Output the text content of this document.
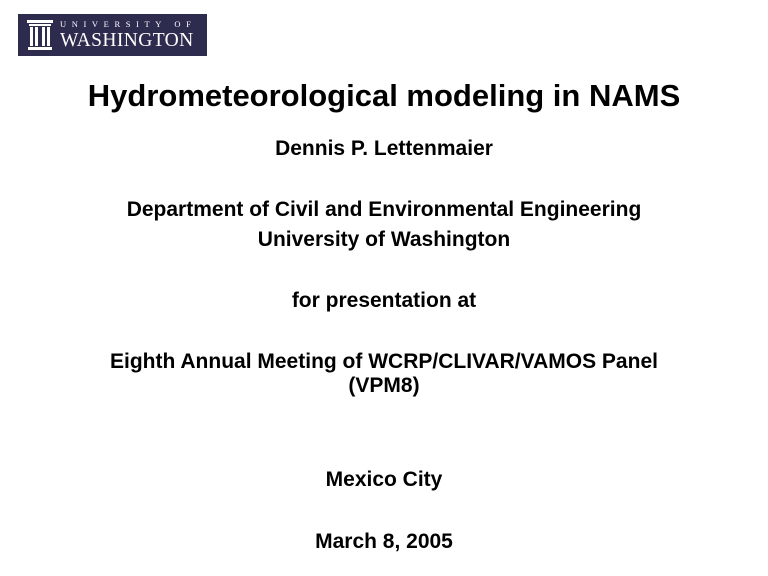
UNIVERSITY OF
WASHINGTON
Hydrometeorological modeling in NAMS
Dennis P. Lettenmaier
Department of Civil and Environmental Engineering
University of Washington
for presentation at
Eighth Annual Meeting of WCRP/CLIVAR/VAMOS Panel
(VPM8)
Mexico City
March 8, 2005
